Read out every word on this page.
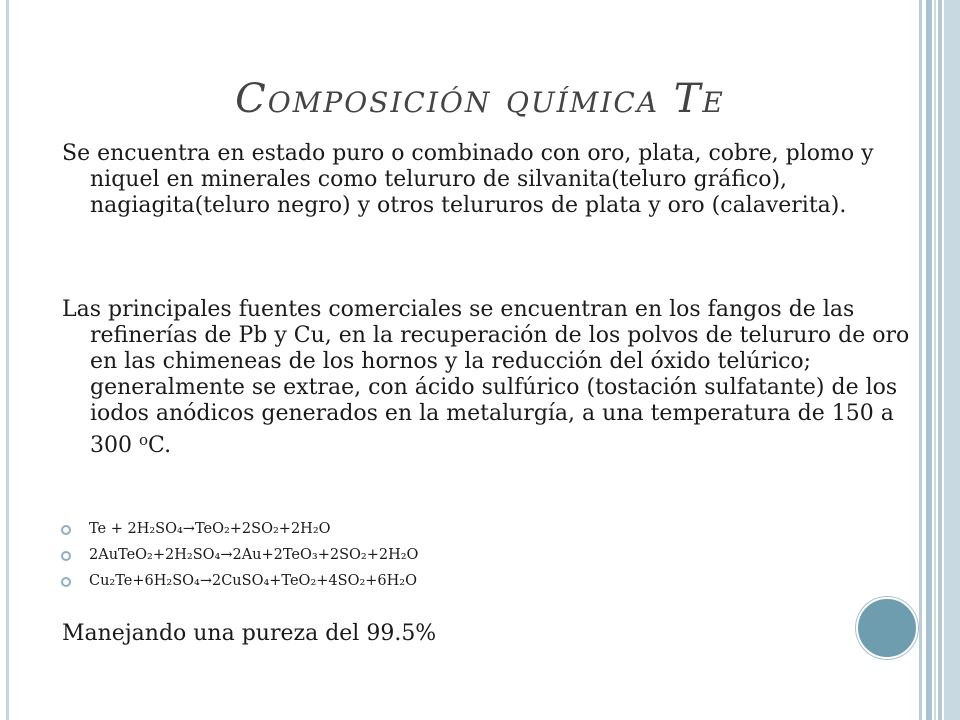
Composición química Te

Se encuentra en estado puro o combinado con oro, plata, cobre, plomo y niquel en minerales como telururo de silvanita(teluro gráfico), nagiagita(teluro negro) y otros telururos de plata y oro (calaverita).

Las principales fuentes comerciales se encuentran en los fangos de las refinerías de Pb y Cu, en la recuperación de los polvos de telururo de oro en las chimeneas de los hornos y la reducción del óxido telúrico; generalmente se extrae, con ácido sulfúrico (tostación sulfatante) de los iodos anódicos generados en la metalurgía, a una temperatura de 150 a 300 $^o$C.

Te + 2H₂SO₄→TeO₂+2SO₂+2H₂O
2AuTeO₂+2H₂SO₄→2Au+2TeO₃+2SO₂+2H₂O
Cu₂Te+6H₂SO₄→2CuSO₄+TeO₂+4SO₂+6H₂O
Manejando una pureza del 99.5%
